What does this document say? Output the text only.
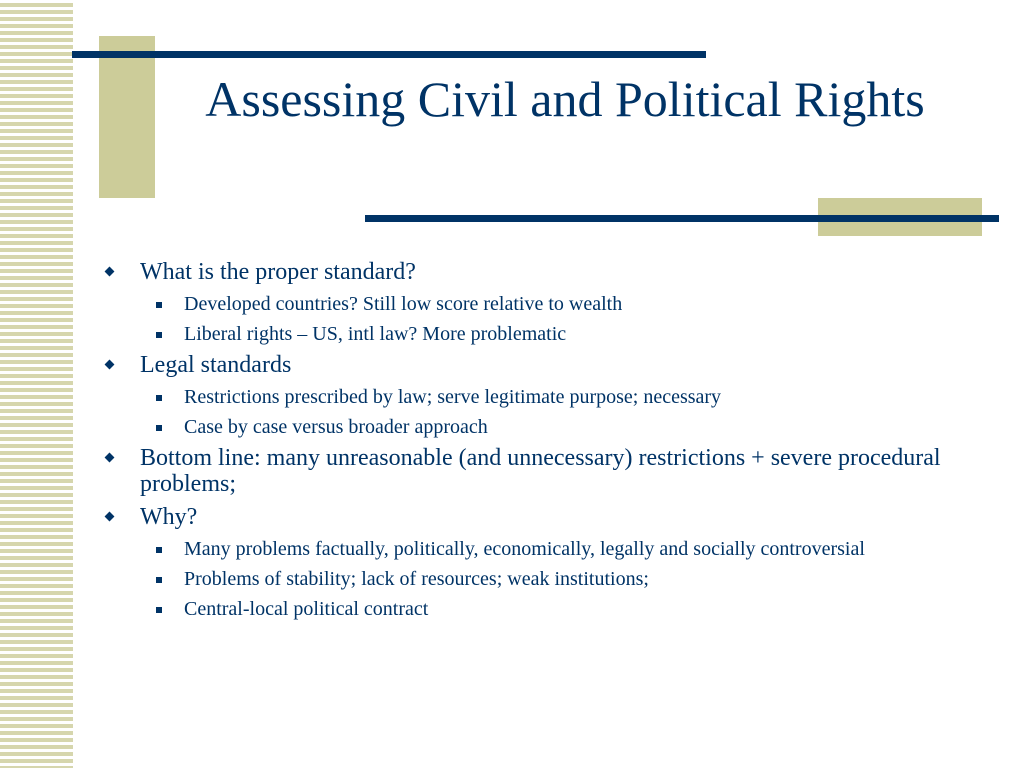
Assessing Civil and Political Rights
What is the proper standard?
Developed countries? Still low score relative to wealth
Liberal rights – US, intl law? More problematic
Legal standards
Restrictions prescribed by law; serve legitimate purpose; necessary
Case by case versus broader approach
Bottom line: many unreasonable (and unnecessary) restrictions + severe procedural problems;
Why?
Many problems factually, politically, economically, legally and socially controversial
Problems of stability; lack of resources; weak institutions;
Central-local political contract
